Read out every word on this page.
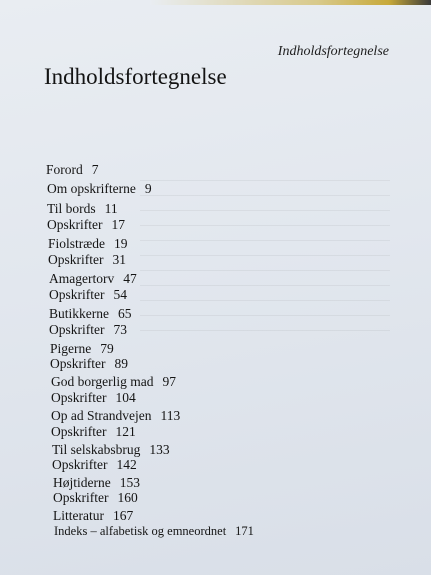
Indholdsfortegnelse
Indholdsfortegnelse
Forord 7
Om opskrifterne 9
Til bords 11
Opskrifter 17
Fiolstræde 19
Opskrifter 31
Amagertorv 47
Opskrifter 54
Butikkerne 65
Opskrifter 73
Pigerne 79
Opskrifter 89
God borgerlig mad 97
Opskrifter 104
Op ad Strandvejen 113
Opskrifter 121
Til selskabsbrug 133
Opskrifter 142
Højtiderne 153
Opskrifter 160
Litteratur 167
Indeks – alfabetisk og emneordnet 171
